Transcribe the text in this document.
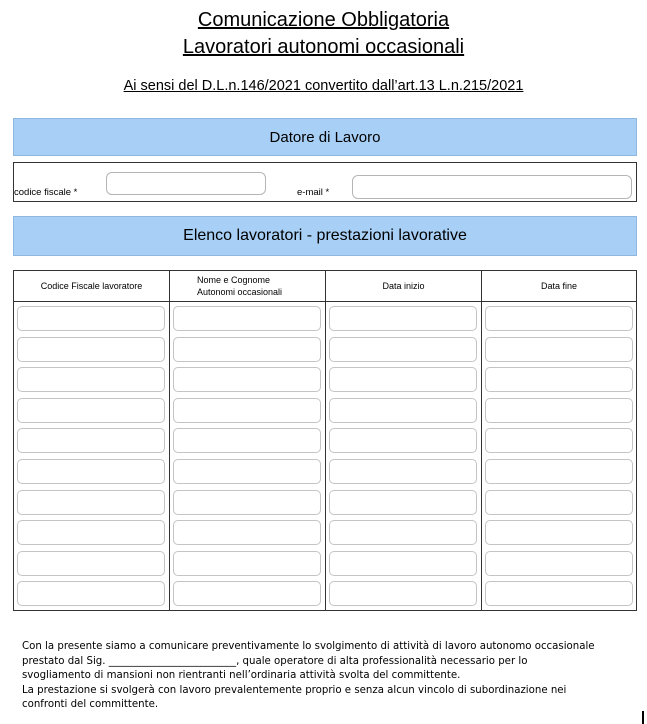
Comunicazione Obbligatoria
Lavoratori autonomi occasionali
Ai sensi del D.L.n.146/2021 convertito dall’art.13 L.n.215/2021
Datore di Lavoro
codice fiscale *	e-mail *
Elenco lavoratori - prestazioni lavorative
Codice Fiscale lavoratore
Nome e Cognome
Autonomi occasionali
Data inizio	Data fine

Con la presente siamo a comunicare preventivamente lo svolgimento di attività di lavoro autonomo occasionale

prestato dal Sig. _________________________, quale operatore di alta professionalità necessario per lo

svogliamento di mansioni non rientranti nell’ordinaria attività svolta del committente.

La prestazione si svolgerà con lavoro prevalentemente proprio e senza alcun vincolo di subordinazione nei

confronti del committente.
